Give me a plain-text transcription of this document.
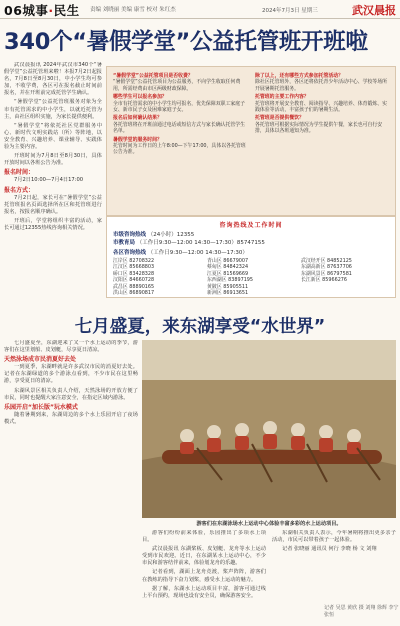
06城事·民生 责编 刘晓丽 美编 康雪 校对 朱红杰	2024年7月3日 星期三	武汉晨报
340个“暑假学堂”公益托管班开班啦

武汉晨报讯 2024年武汉市340个“暑假学堂”公益托管班来啦！本报7月2日起报名，7月8日至8月30日，中小学生均可参加，不收学费，各区可在报名截止时间前报名，并在开班前完成托管学生确认。

“暑假学堂”公益托管班服务对象为全市有托管需求的中小学生，以就近托管为主，由社区组织实施，为家长提供便利。

“暑假学堂”将依托社区党群服务中心、新时代文明实践站（所）等阵地，以安全教育、兴趣培养、课业辅导、实践体验为主要内容。

开班时间为7月8日至8月30日，具体开放时间以各班公告为准。

报名时间：

7月2日10:00—7月4日17:00

报名方式：

7月2日起，家长可在“暑假学堂”公益托管班报名页面选择所在区和托管班进行报名，按报名顺序确认。

开班后，学堂将组织丰富的活动，家长可通过12355热线咨询相关情况。

“暑假学堂”公益托管项目是否收费？
“暑假学堂”公益托管项目为公益服务，不向学生收取任何费用，所需经费由市区两级财政保障。
哪些学生可以报名参加？
全市有托管需求的中小学生均可报名，优先保障双职工家庭子女、新市民子女及困难家庭子女。
报名后如何确认结果？
各托管班将在开班前通过电话或短信方式与家长确认托管学生名单。
暑假学堂的服务时间？
托管时间为工作日的上午8:00—下午17:00，具体以各托管班公告为准。
除了以上，还有哪些方式参加托管活动？
除社区托管班外，各区还将依托青少年活动中心、学校等场所开展暑期托管服务。
托管班的主要工作内容？
托管班将开展安全教育、阅读指导、兴趣培养、体育锻炼、实践体验等活动，丰富孩子们的暑期生活。
托管班是否提供餐饮？
各托管班可根据实际情况为学生提供午餐，家长也可自行安排，具体以各班通知为准。
咨询热线及工作时间
市级咨询热线 （24小时）12355
市教育局 （工作日9:30—12:00 14:30—17:30）85747155
各区咨询热线 （工作日9:30—12:00 14:30—17:30）
江岸区 82708322
江汉区 85668803
硚口区 83428328
汉阳区 84660728
武昌区 88890165
洪山区 86890817
青山区 86679007
蔡甸区 84842324
江夏区 81569669
东西湖区 83897195
黄陂区 85905511
新洲区 86913651
武汉经开区 84852125
东湖高新区 87637706
东湖风景区 86797581
长江新区 85966276
七月盛夏，来东湖享受“水世界”

七月盛夏至，东湖迎来了又一个水上运动的季节，游客们在这里划船、皮划艇，尽享夏日清凉。

天然泳场成市民消夏好去处

一到夏季，东湖畔就是许多武汉市民的消夏好去处。记者在东湖绿道的多个游泳点看到，不少市民在这里畅游，享受夏日的清凉。

东湖风景区相关负责人介绍，天然泳场的开放方便了市民，同时也提醒大家注意安全，在指定区域内游泳。

乐园开启“加长版”玩水模式

随着暑期到来，东湖周边的多个水上乐园开启了夜场模式。

游客们在东湖泳场水上运动中心体验丰富多彩的水上运动项目。

游客们纷纷前来体验，乐园推出了多项水上项目。

武汉晨报讯 东湖桨板、皮划艇、龙舟等水上运动受到市民欢迎。近日，在东湖某水上运动中心，不少市民和游客结伴前来，体验划龙舟的乐趣。

记者看到，湖面上龙舟竞渡，桨声阵阵，游客们在教练的指导下奋力划桨，感受水上运动的魅力。

据了解，东湖水上运动项目丰富，游客可通过线上平台预约，现场也设有安全员，确保游客安全。

东湖相关负责人表示，今年暑期将推出更多亲子活动，市民可以带着孩子一起体验。

记者 张晓丽 通讯员 何行 李晓 杨 文 刘翔

记者 吴思 黄欣 摄 刘翔 徐辉 李宁 张恒
